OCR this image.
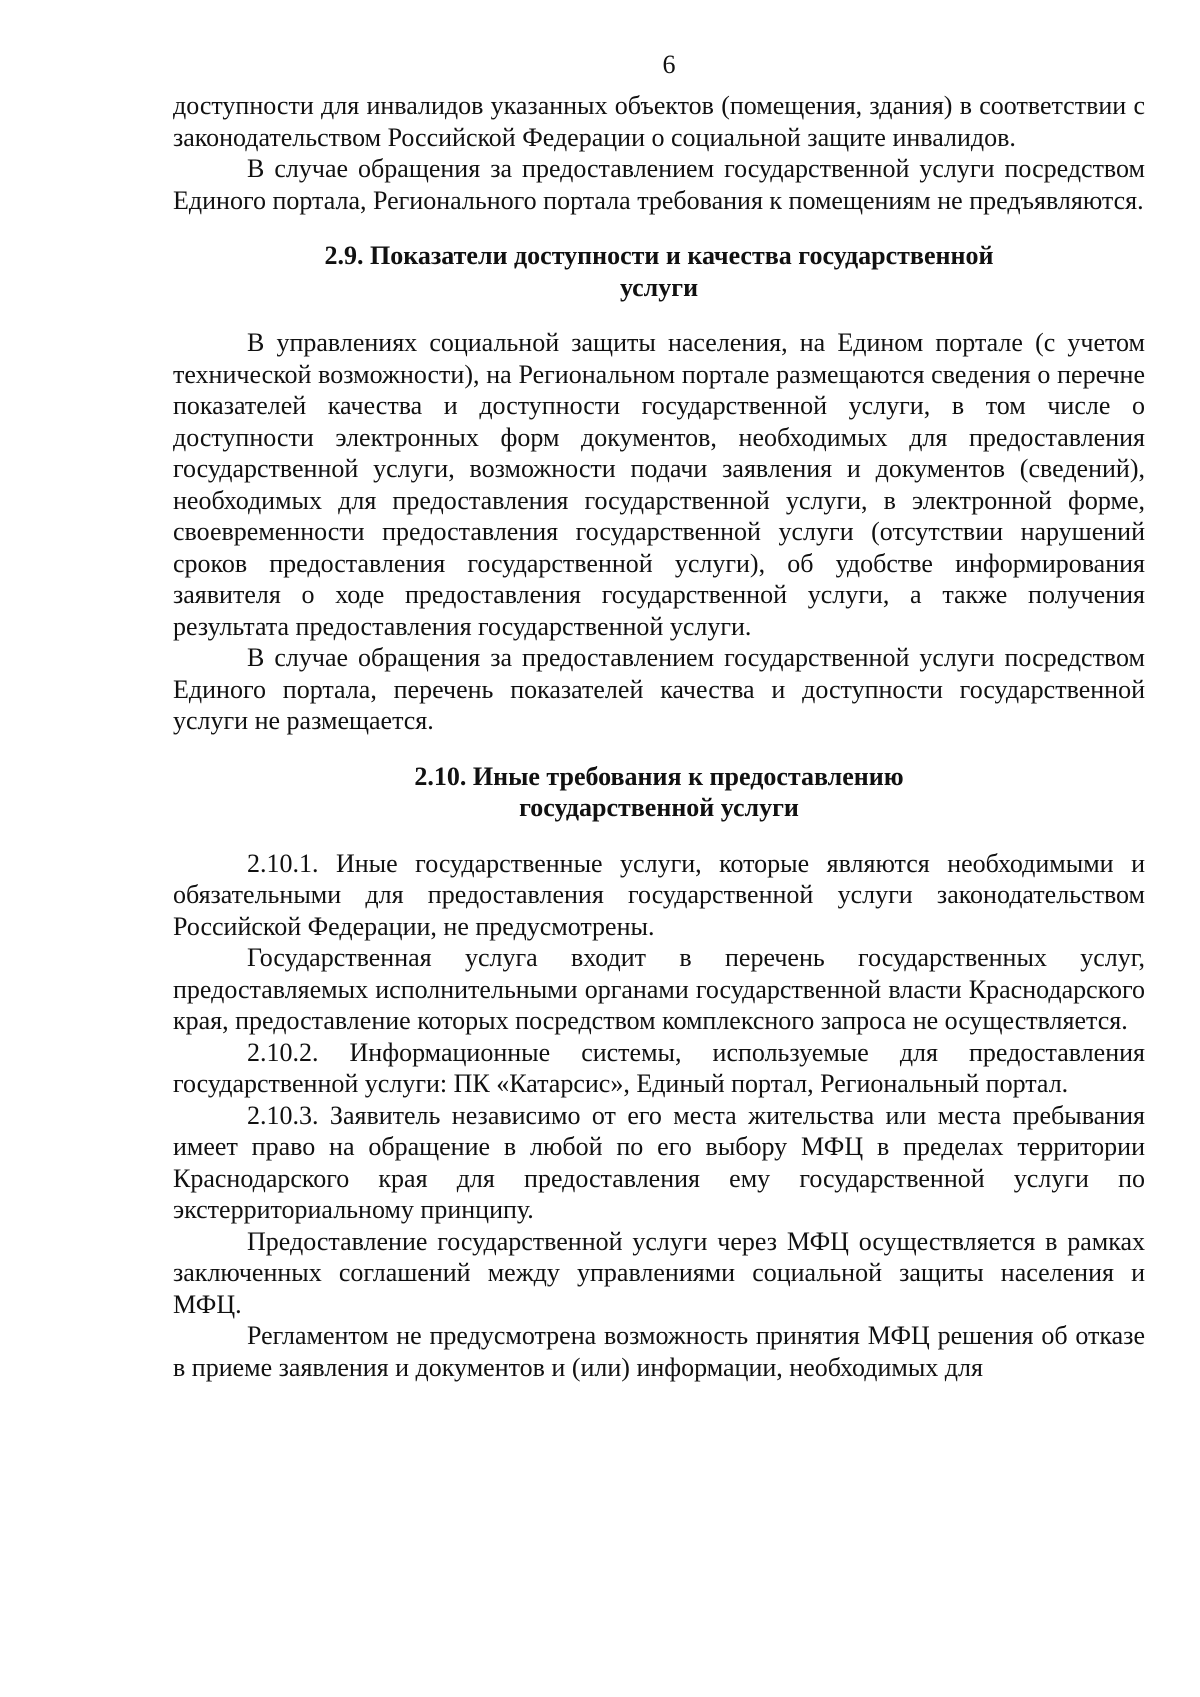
6

доступности для инвалидов указанных объектов (помещения, здания) в соответствии с законодательством Российской Федерации о социальной защите инвалидов.

В случае обращения за предоставлением государственной услуги посредством Единого портала, Регионального портала требования к помещениям не предъявляются.

2.9. Показатели доступности и качества государственной
услуги

В управлениях социальной защиты населения, на Едином портале (с учетом технической возможности), на Региональном портале размещаются сведения о перечне показателей качества и доступности государственной услуги, в том числе о доступности электронных форм документов, необходимых для предоставления государственной услуги, возможности подачи заявления и документов (сведений), необходимых для предоставления государственной услуги, в электронной форме, своевременности предоставления государственной услуги (отсутствии нарушений сроков предоставления государственной услуги), об удобстве информирования заявителя о ходе предоставления государственной услуги, а также получения результата предоставления государственной услуги.

В случае обращения за предоставлением государственной услуги посредством Единого портала, перечень показателей качества и доступности государственной услуги не размещается.

2.10. Иные требования к предоставлению
государственной услуги

2.10.1. Иные государственные услуги, которые являются необходимыми и обязательными для предоставления государственной услуги законодательством Российской Федерации, не предусмотрены.

Государственная услуга входит в перечень государственных услуг, предоставляемых исполнительными органами государственной власти Краснодарского края, предоставление которых посредством комплексного запроса не осуществляется.

2.10.2. Информационные системы, используемые для предоставления государственной услуги: ПК «Катарсис», Единый портал, Региональный портал.

2.10.3. Заявитель независимо от его места жительства или места пребывания имеет право на обращение в любой по его выбору МФЦ в пределах территории Краснодарского края для предоставления ему государственной услуги по экстерриториальному принципу.

Предоставление государственной услуги через МФЦ осуществляется в рамках заключенных соглашений между управлениями социальной защиты населения и МФЦ.

Регламентом не предусмотрена возможность принятия МФЦ решения об отказе в приеме заявления и документов и (или) информации, необходимых для
